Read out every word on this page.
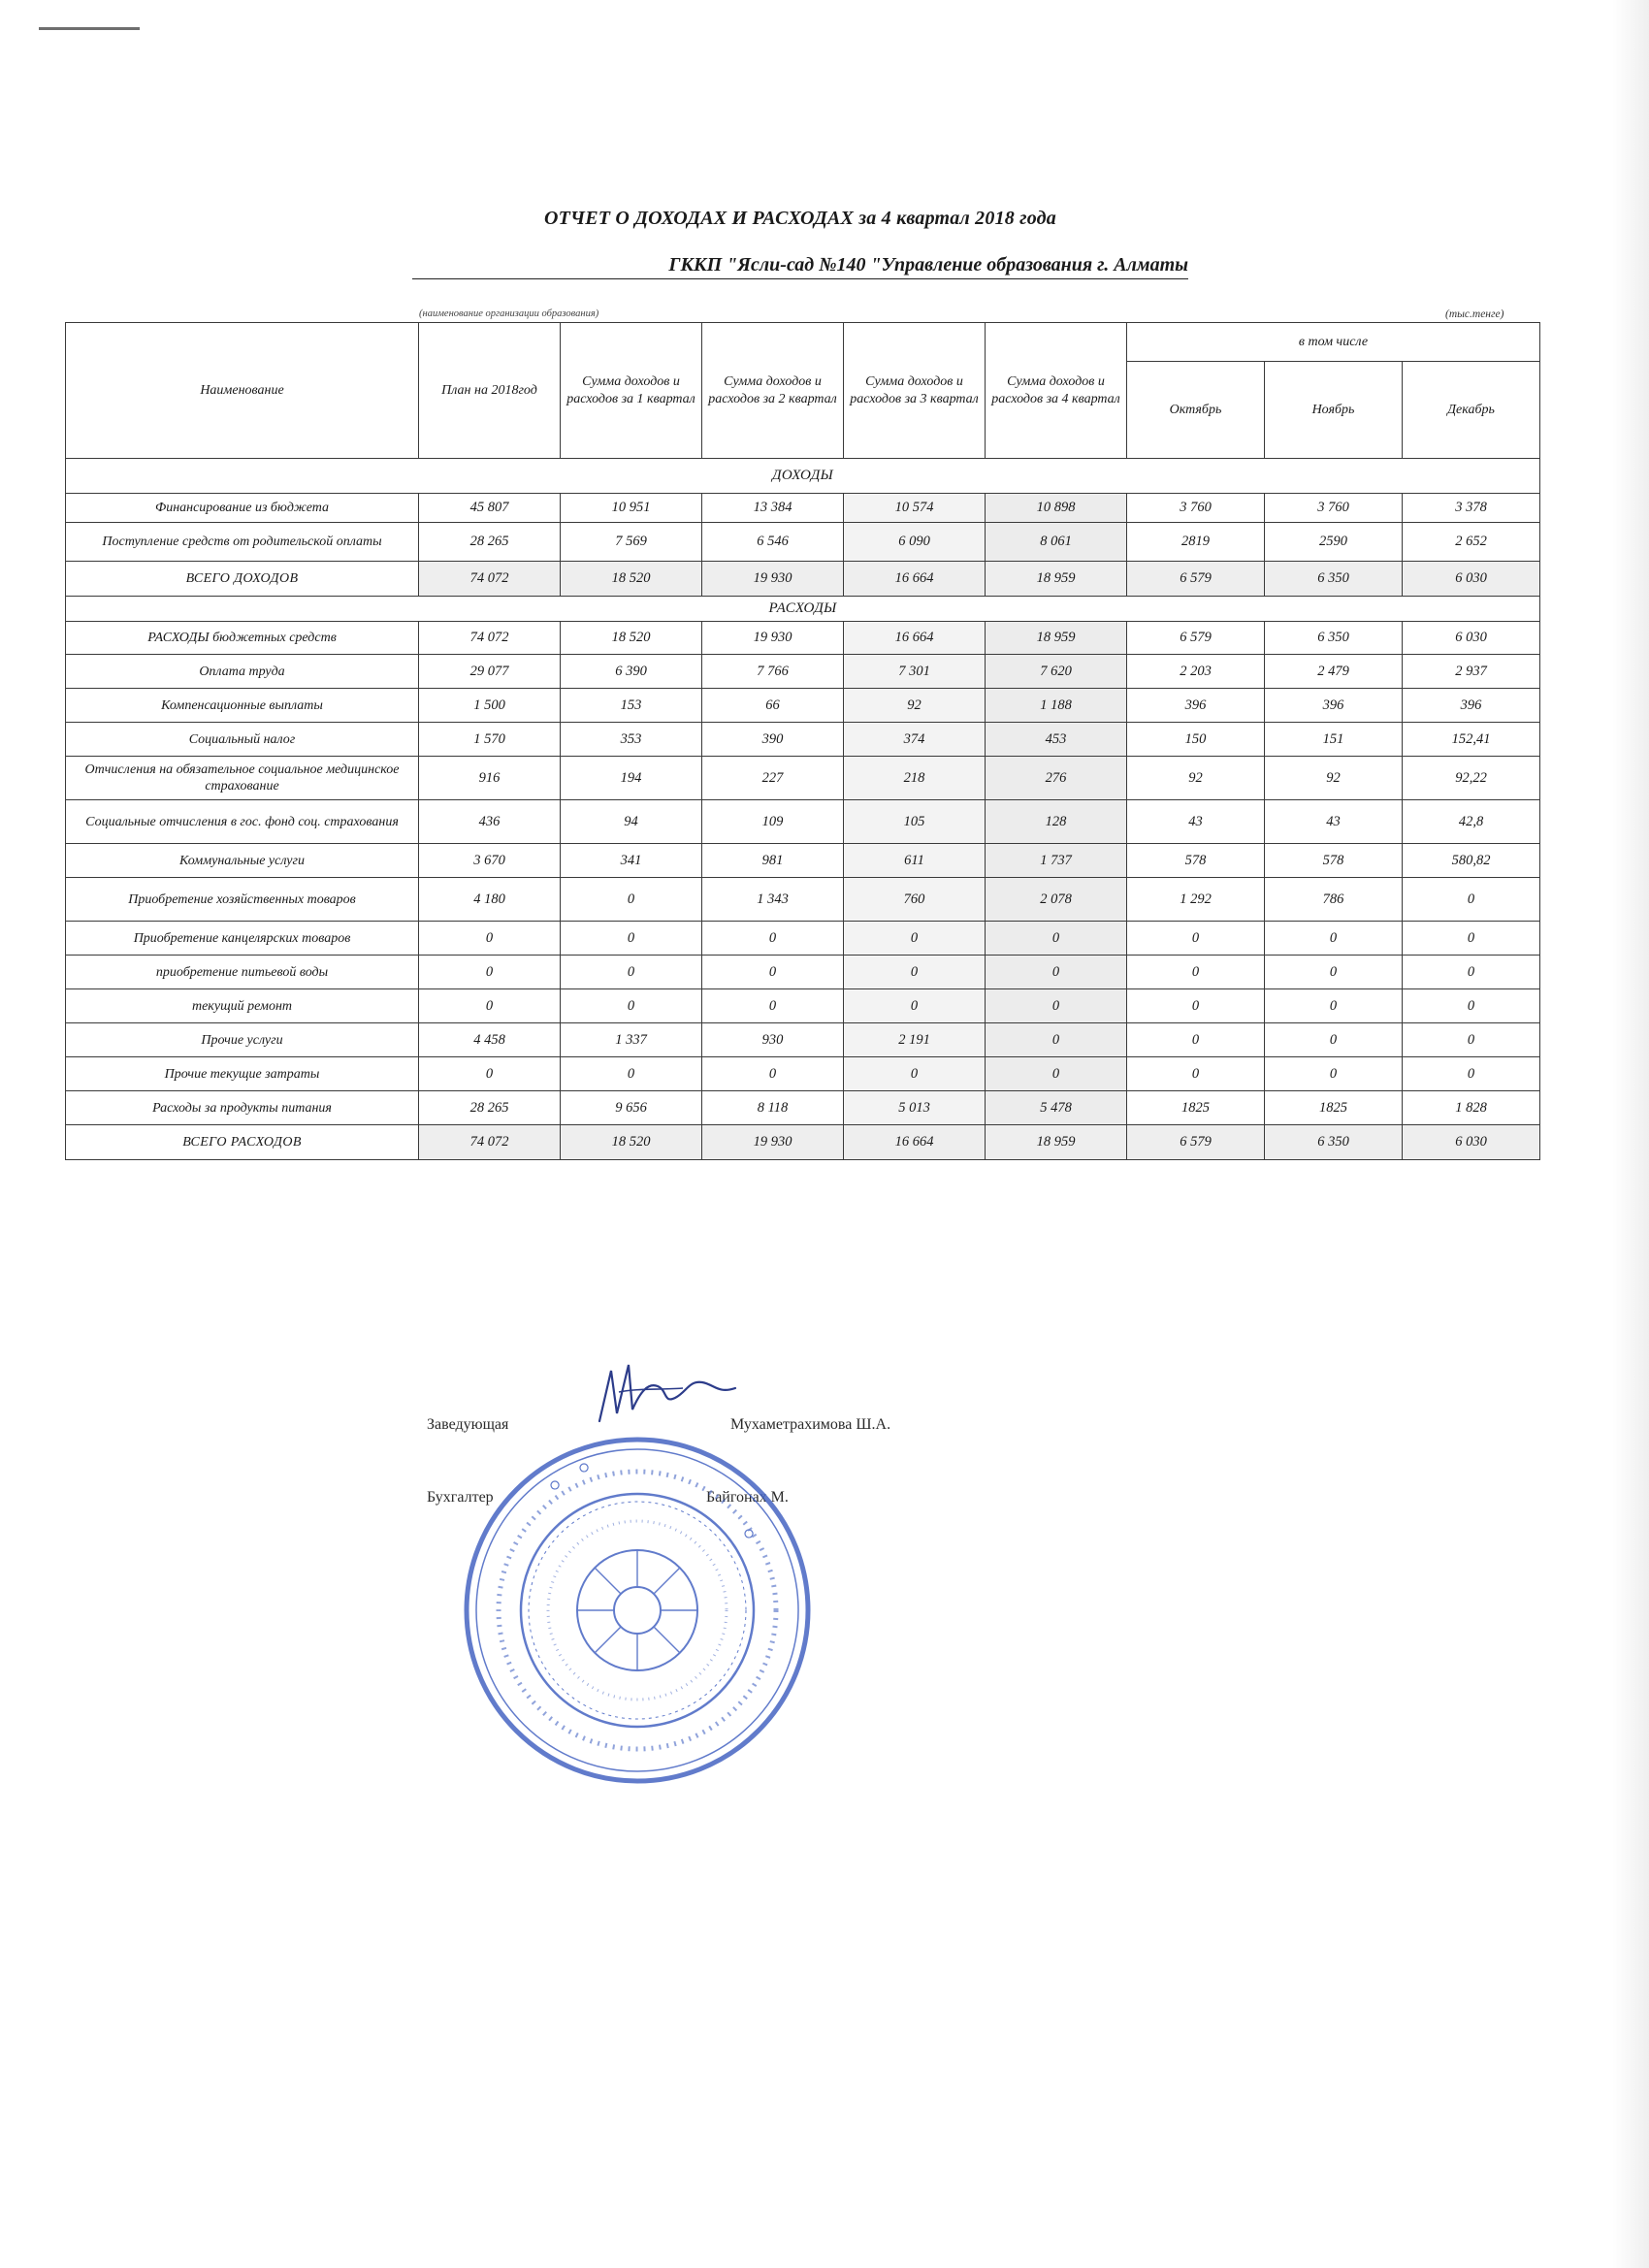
ОТЧЕТ О ДОХОДАХ И РАСХОДАХ за 4 квартал 2018 года
ГККП "Ясли-сад №140 "Управление образования г. Алматы
(наименование организации образования)	(тыс.тенге)
Наименование	План на 2018год	Сумма доходов и расходов за 1 квартал	Сумма доходов и расходов за 2 квартал	Сумма доходов и расходов за 3 квартал	Сумма доходов и расходов за 4 квартал	в том числе		
						Октябрь	Ноябрь	Декабрь
ДОХОДЫ								
Финансирование из бюджета	45 807	10 951	13 384	10 574	10 898	3 760	3 760	3 378
Поступление средств от родительской оплаты	28 265	7 569	6 546	6 090	8 061	2819	2590	2 652
ВСЕГО ДОХОДОВ	74 072	18 520	19 930	16 664	18 959	6 579	6 350	6 030
РАСХОДЫ								
РАСХОДЫ бюджетных средств	74 072	18 520	19 930	16 664	18 959	6 579	6 350	6 030
Оплата труда	29 077	6 390	7 766	7 301	7 620	2 203	2 479	2 937
Компенсационные выплаты	1 500	153	66	92	1 188	396	396	396
Социальный налог	1 570	353	390	374	453	150	151	152,41
Отчисления на обязательное социальное медицинское страхование	916	194	227	218	276	92	92	92,22
Социальные отчисления в гос. фонд соц. страхования	436	94	109	105	128	43	43	42,8
Коммунальные услуги	3 670	341	981	611	1 737	578	578	580,82
Приобретение хозяйственных товаров	4 180	0	1 343	760	2 078	1 292	786	0
Приобретение канцелярских товаров	0	0	0	0	0	0	0	0
приобретение питьевой воды	0	0	0	0	0	0	0	0
текущий ремонт	0	0	0	0	0	0	0	0
Прочие услуги	4 458	1 337	930	2 191	0	0	0	0
Прочие текущие затраты	0	0	0	0	0	0	0	0
Расходы за продукты питания	28 265	9 656	8 118	5 013	5 478	1825	1825	1 828
ВСЕГО РАСХОДОВ	74 072	18 520	19 930	16 664	18 959	6 579	6 350	6 030
Заведующая	Мухаметрахимова Ш.А.
Бухгалтер	Байгонах М.
